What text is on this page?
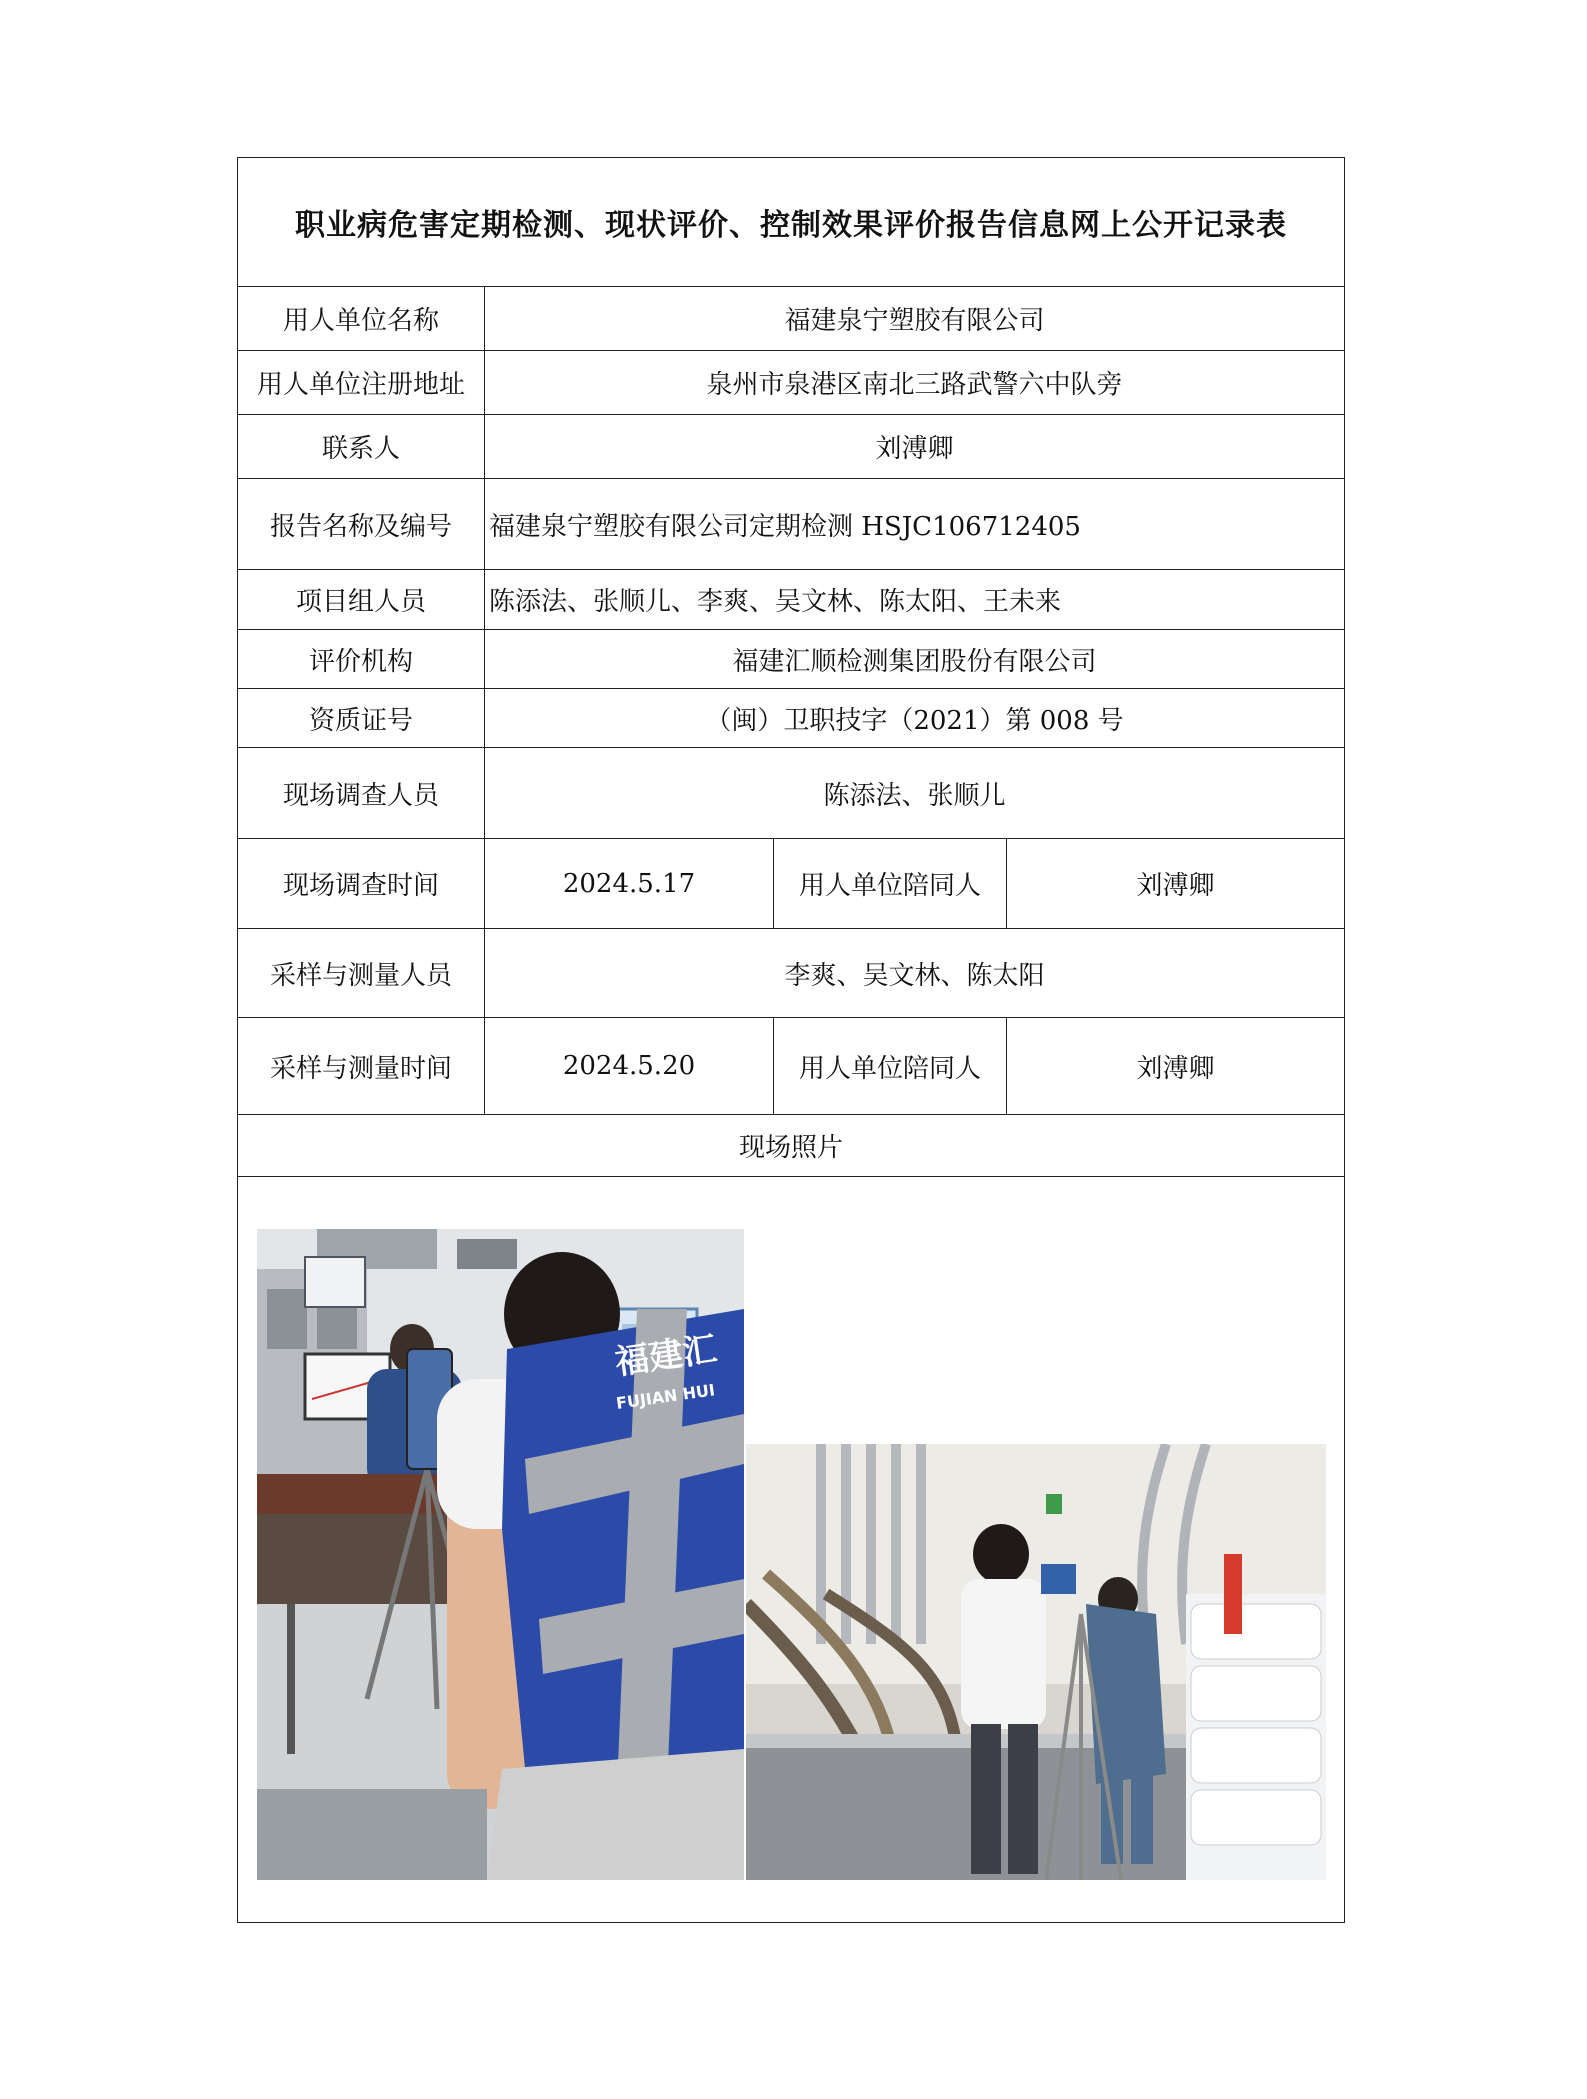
职业病危害定期检测、现状评价、控制效果评价报告信息网上公开记录表			
用人单位名称	福建泉宁塑胶有限公司		
用人单位注册地址	泉州市泉港区南北三路武警六中队旁		
联系人	刘溥卿		
报告名称及编号	福建泉宁塑胶有限公司定期检测 HSJC106712405		
项目组人员	陈添法、张顺儿、李爽、吴文林、陈太阳、王未来		
评价机构	福建汇顺检测集团股份有限公司		
资质证号	（闽）卫职技字（2021）第 008 号		
现场调查人员	陈添法、张顺儿		
现场调查时间	2024.5.17	用人单位陪同人	刘溥卿
采样与测量人员	李爽、吴文林、陈太阳		
采样与测量时间	2024.5.20	用人单位陪同人	刘溥卿
现场照片			

福建汇
FUJIAN HUI			
